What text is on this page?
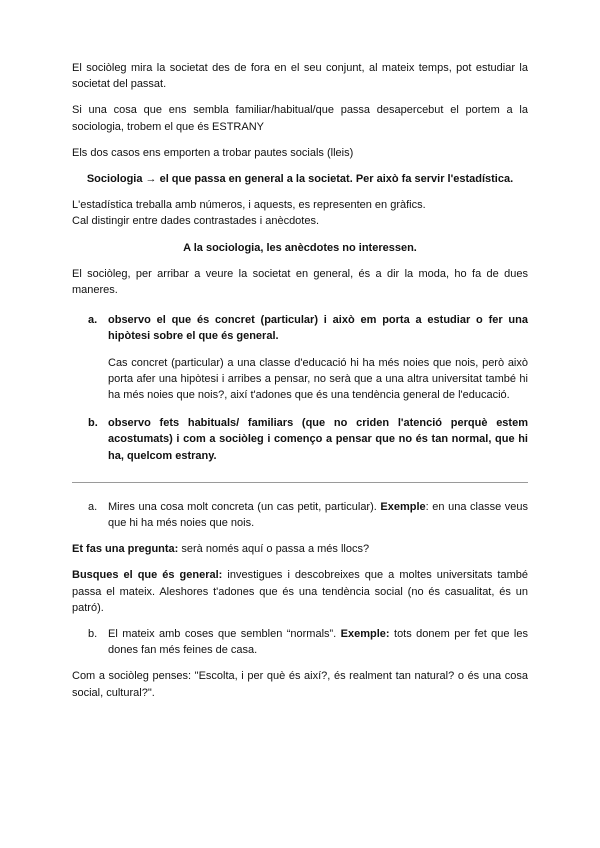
El sociòleg mira la societat des de fora en el seu conjunt, al mateix temps, pot estudiar la societat del passat.

Si una cosa que ens sembla familiar/habitual/que passa desapercebut el portem a la sociologia, trobem el que és ESTRANY

Els dos casos ens emporten a trobar pautes socials (lleis)

Sociologia → el que passa en general a la societat. Per això fa servir l'estadística.

L'estadística treballa amb números, i aquests, es representen en gràfics.
Cal distingir entre dades contrastades i anècdotes.

A la sociologia, les anècdotes no interessen.

El sociòleg, per arribar a veure la societat en general, és a dir la moda, ho fa de dues maneres.

a. observo el que és concret (particular) i això em porta a estudiar o fer una hipòtesi sobre el que és general.

Cas concret (particular) a una classe d'educació hi ha més noies que nois, però això porta afer una hipòtesi i arribes a pensar, no serà que a una altra universitat també hi ha més noies que nois?, així t'adones que és una tendència general de l'educació.

b. observo fets habituals/ familiars (que no criden l'atenció perquè estem acostumats) i com a sociòleg i començo a pensar que no és tan normal, que hi ha, quelcom estrany.
a. Mires una cosa molt concreta (un cas petit, particular). Exemple: en una classe veus que hi ha més noies que nois.

Et fas una pregunta: serà només aquí o passa a més llocs?

Busques el que és general: investigues i descobreixes que a moltes universitats també passa el mateix. Aleshores t'adones que és una tendència social (no és casualitat, és un patró).

b. El mateix amb coses que semblen “normals”. Exemple: tots donem per fet que les dones fan més feines de casa.

Com a sociòleg penses: "Escolta, i per què és així?, és realment tan natural? o és una cosa social, cultural?".
